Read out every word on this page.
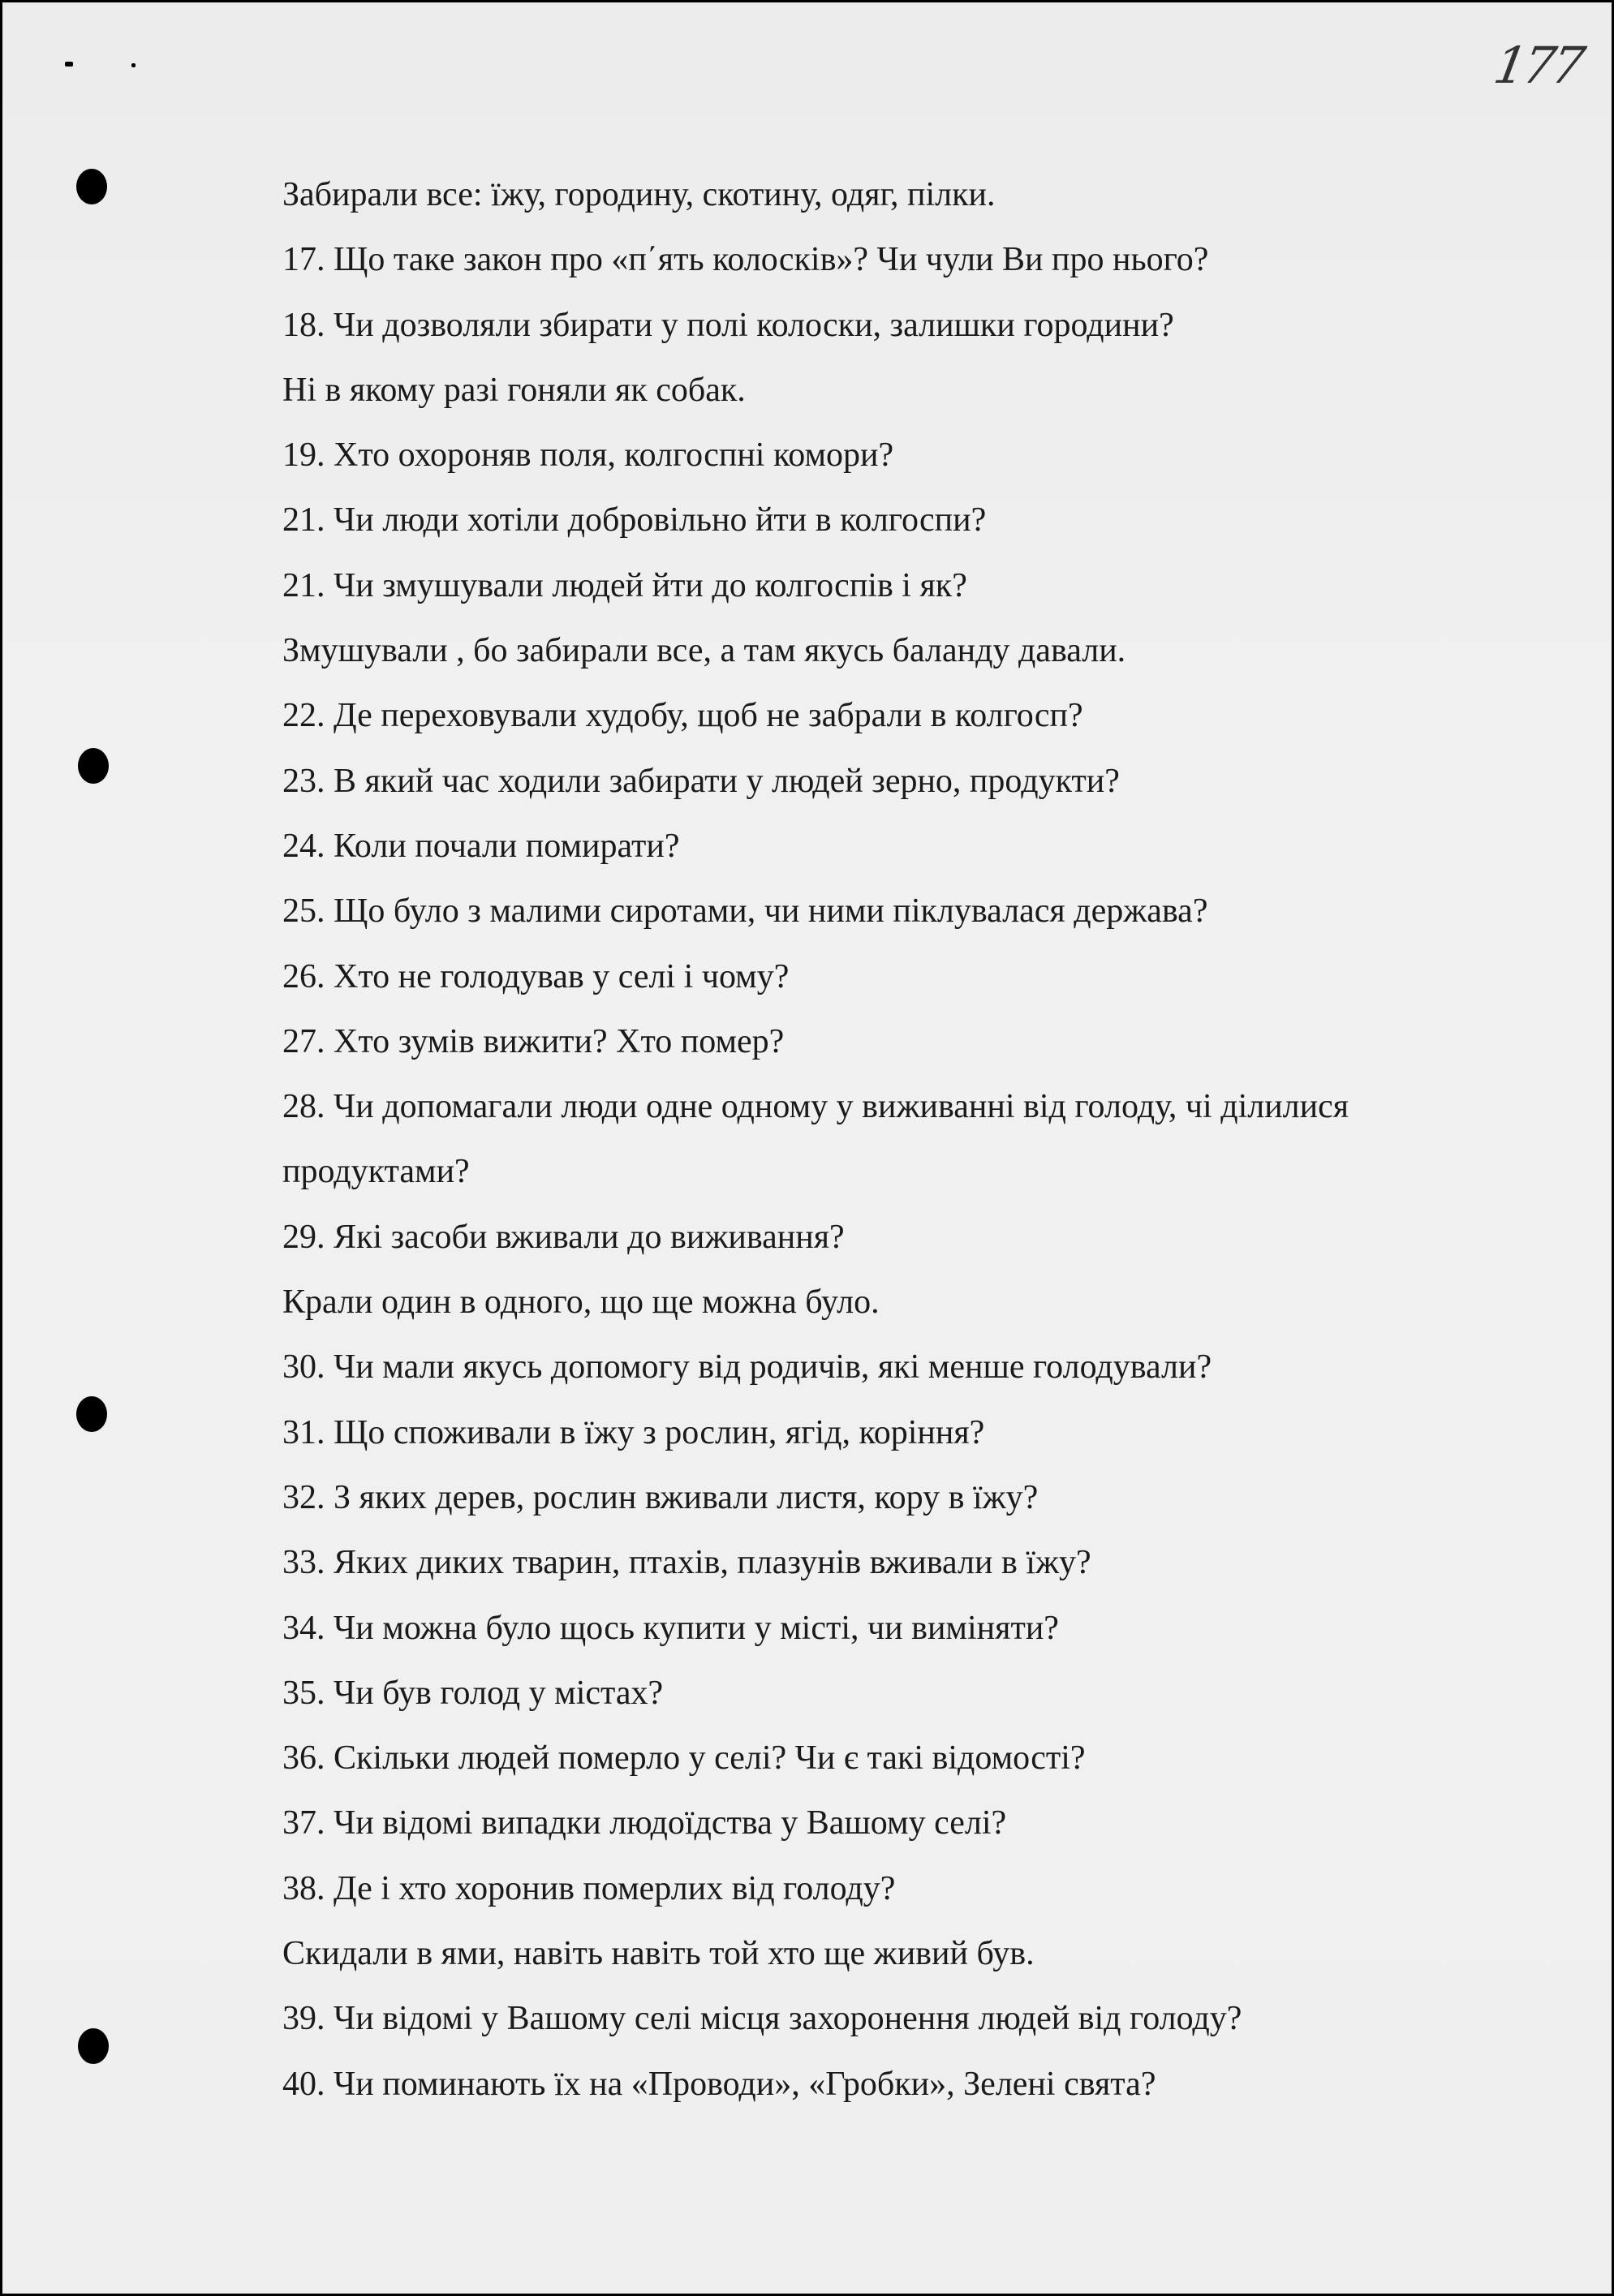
177
Забирали все: їжу, городину, скотину, одяг, пілки.
17. Що таке закон про «п΄ять колосків»? Чи чули Ви про нього?
18. Чи дозволяли збирати у полі колоски, залишки городини?
Ні в якому разі гоняли як собак.
19. Хто охороняв поля, колгоспні комори?
21. Чи люди хотіли добровільно йти в колгоспи?
21. Чи змушували людей йти до колгоспів і як?
Змушували , бо забирали все, а там якусь баланду давали.
22. Де переховували худобу, щоб не забрали в колгосп?
23. В який час ходили забирати у людей зерно, продукти?
24. Коли почали помирати?
25. Що було з малими сиротами, чи ними піклувалася держава?
26. Хто не голодував у селі і чому?
27. Хто зумів вижити? Хто помер?
28. Чи допомагали люди одне одному у виживанні від голоду, чі ділилися
продуктами?
29. Які засоби вживали до виживання?
Крали один в одного, що ще можна було.
30. Чи мали якусь допомогу від родичів, які менше голодували?
31. Що споживали в їжу з рослин, ягід, коріння?
32. З яких дерев, рослин вживали листя, кору в їжу?
33. Яких диких тварин, птахів, плазунів вживали в їжу?
34. Чи можна було щось купити у місті, чи виміняти?
35. Чи був голод у містах?
36. Скільки людей померло у селі? Чи є такі відомості?
37. Чи відомі випадки людоїдства у Вашому селі?
38. Де і хто хоронив померлих від голоду?
Скидали в ями, навіть навіть той хто ще живий був.
39. Чи відомі у Вашому селі місця захоронення людей від голоду?
40. Чи поминають їх на «Проводи», «Гробки», Зелені свята?
